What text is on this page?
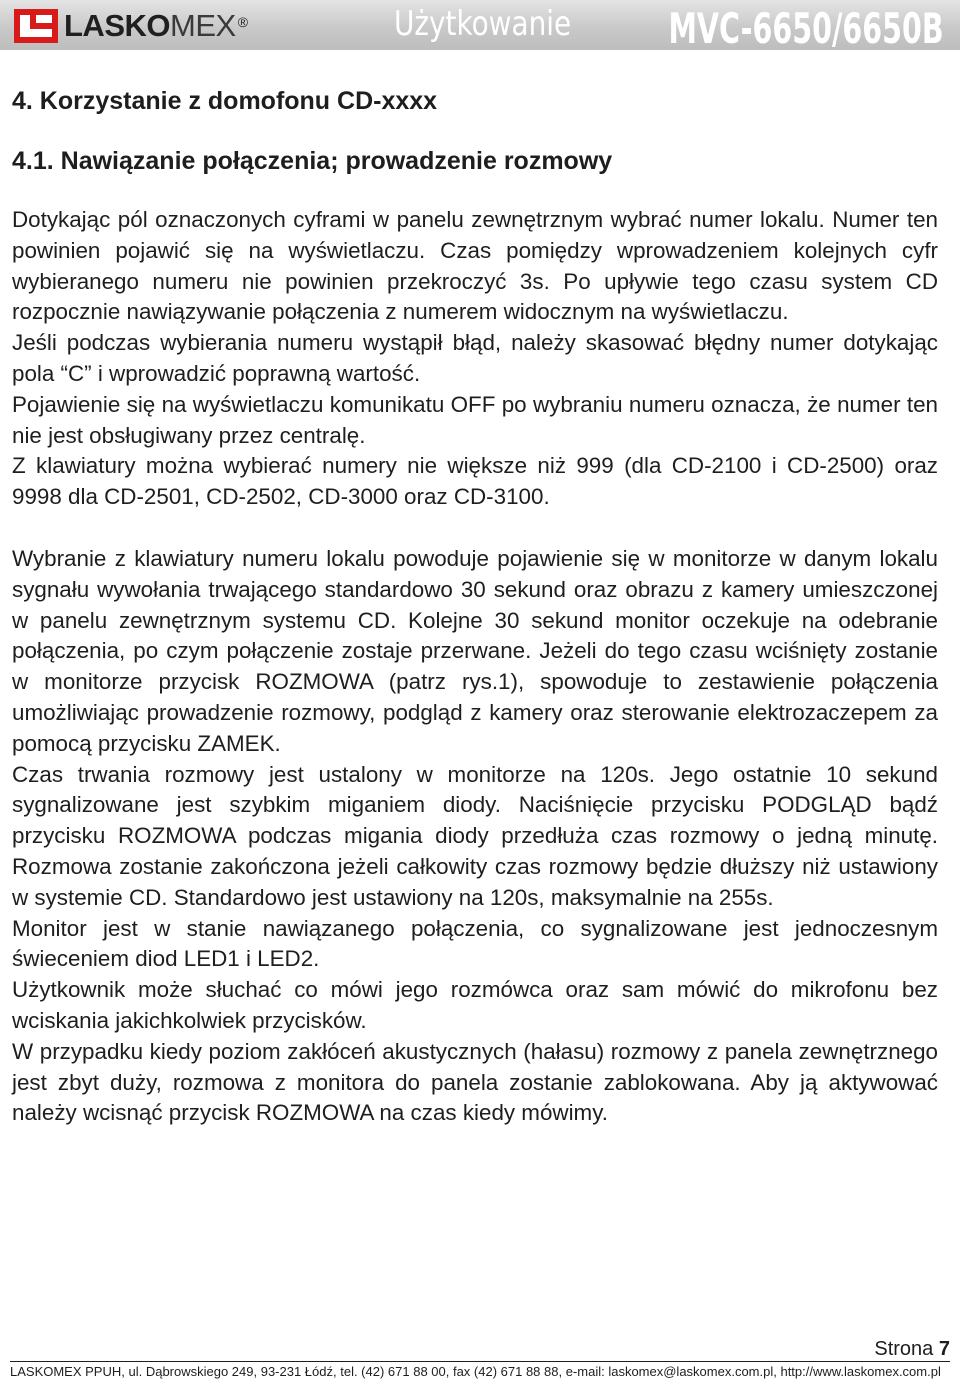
LASKOMEX ®	Użytkowanie MVC-6650/6650B
4. Korzystanie z domofonu CD-xxxx
4.1. Nawiązanie połączenia; prowadzenie rozmowy

Dotykając pól oznaczonych cyframi w panelu zewnętrznym wybrać numer lokalu. Numer ten powinien pojawić się na wyświetlaczu. Czas pomiędzy wprowadzeniem kolejnych cyfr wybieranego numeru nie powinien przekroczyć 3s. Po upływie tego czasu system CD rozpocznie nawiązywanie połączenia z numerem widocznym na wyświetlaczu.

Jeśli podczas wybierania numeru wystąpił błąd, należy skasować błędny numer dotykając pola “C” i wprowadzić poprawną wartość.

Pojawienie się na wyświetlaczu komunikatu OFF po wybraniu numeru oznacza, że numer ten nie jest obsługiwany przez centralę.

Z klawiatury można wybierać numery nie większe niż 999 (dla CD-2100 i CD-2500) oraz 9998 dla CD-2501, CD-2502, CD-3000 oraz CD-3100.

Wybranie z klawiatury numeru lokalu powoduje pojawienie się w monitorze w danym lokalu sygnału wywołania trwającego standardowo 30 sekund oraz obrazu z kamery umieszczonej w panelu zewnętrznym systemu CD. Kolejne 30 sekund monitor oczekuje na odebranie połączenia, po czym połączenie zostaje przerwane. Jeżeli do tego czasu wciśnięty zostanie w monitorze przycisk ROZMOWA (patrz rys.1), spowoduje to zestawienie połączenia umożliwiając prowadzenie rozmowy, podgląd z kamery oraz sterowanie elektrozaczepem za pomocą przycisku ZAMEK.

Czas trwania rozmowy jest ustalony w monitorze na 120s. Jego ostatnie 10 sekund sygnalizowane jest szybkim miganiem diody. Naciśnięcie przycisku PODGLĄD bądź przycisku ROZMOWA podczas migania diody przedłuża czas rozmowy o jedną minutę. Rozmowa zostanie zakończona jeżeli całkowity czas rozmowy będzie dłuższy niż ustawiony w systemie CD. Standardowo jest ustawiony na 120s, maksymalnie na 255s.

Monitor jest w stanie nawiązanego połączenia, co sygnalizowane jest jednoczesnym świeceniem diod LED1 i LED2.

Użytkownik może słuchać co mówi jego rozmówca oraz sam mówić do mikrofonu bez wciskania jakichkolwiek przycisków.

W przypadku kiedy poziom zakłóceń akustycznych (hałasu) rozmowy z panela zewnętrznego jest zbyt duży, rozmowa z monitora do panela zostanie zablokowana. Aby ją aktywować należy wcisnąć przycisk ROZMOWA na czas kiedy mówimy.

Strona 7
LASKOMEX PPUH, ul. Dąbrowskiego 249, 93-231 Łódź, tel. (42) 671 88 00, fax (42) 671 88 88, e-mail: laskomex@laskomex.com.pl, http://www.laskomex.com.pl
